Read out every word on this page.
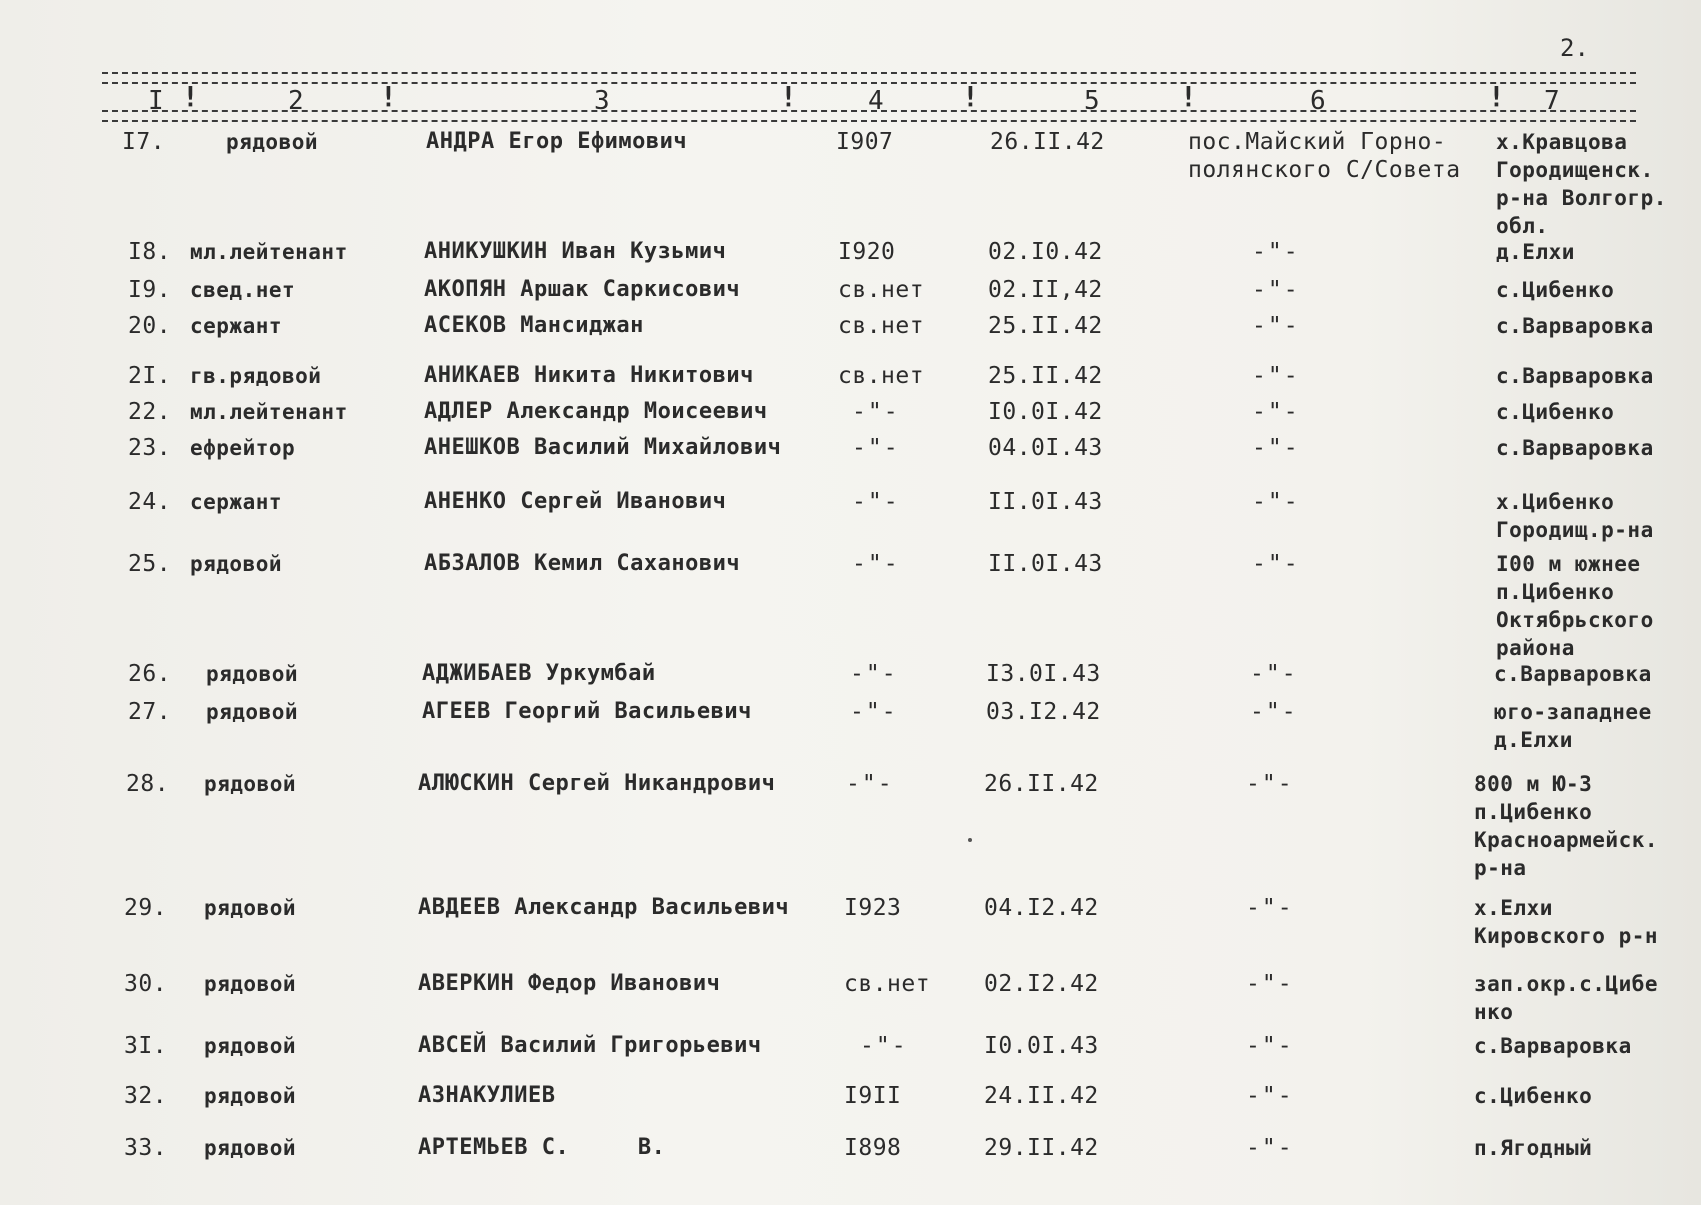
2.
I !	2	!	3	!	4	!	5	!	6	! 7
I7.	рядовой	АНДРА Егор Ефимович	I907	26.II.42	пос.Майский Горно-
полянского С/Совета
х.Кравцова
Городищенск.
р-на Волгогр.
обл.
I8. мл.лейтенант	АНИКУШКИН Иван Кузьмич	I920	02.I0.42	-"-	д.Елхи
I9. свед.нет	АКОПЯН Аршак Саркисович	св.нет	02.II,42	-"-	с.Цибенко
20. сержант	АСЕКОВ Мансиджан	св.нет	25.II.42	-"-	с.Варваровка
2I. гв.рядовой	АНИКАЕВ Никита Никитович	св.нет	25.II.42	-"-	с.Варваровка
22. мл.лейтенант	АДЛЕР Александр Моисеевич	-"-	I0.0I.42	-"-	с.Цибенко
23. ефрейтор	АНЕШКОВ Василий Михайлович	-"-	04.0I.43	-"-	с.Варваровка
24. сержант	АНЕНКО Сергей Иванович	-"-	II.0I.43	-"-	х.Цибенко
Городищ.р-на
25. рядовой	АБЗАЛОВ Кемил Саханович	-"-	II.0I.43	-"-	I00 м южнее
п.Цибенко
Октябрьского
района
26. рядовой	АДЖИБАЕВ Уркумбай	-"-	I3.0I.43	-"-	с.Варваровка
27. рядовой	АГЕЕВ Георгий Васильевич	-"-	03.I2.42	-"-	юго-западнее
д.Елхи
28. рядовой	АЛЮСКИН Сергей Никандрович	-"-	26.II.42	-"-	800 м Ю-З
п.Цибенко
Красноармейск.
р-на
29. рядовой	АВДЕЕВ Александр Васильевич I923	04.I2.42	-"-	х.Елхи
Кировского р-н
30. рядовой	АВЕРКИН Федор Иванович	св.нет 02.I2.42	-"-	зап.окр.с.Цибе
нко
3I. рядовой	АВСЕЙ Василий Григорьевич	-"-	I0.0I.43	-"-	с.Варваровка
32. рядовой	АЗНАКУЛИЕВ	I9II	24.II.42	-"-	с.Цибенко
33. рядовой	АРТЕМЬЕВ С.     В.	I898	29.II.42	-"-	п.Ягодный
